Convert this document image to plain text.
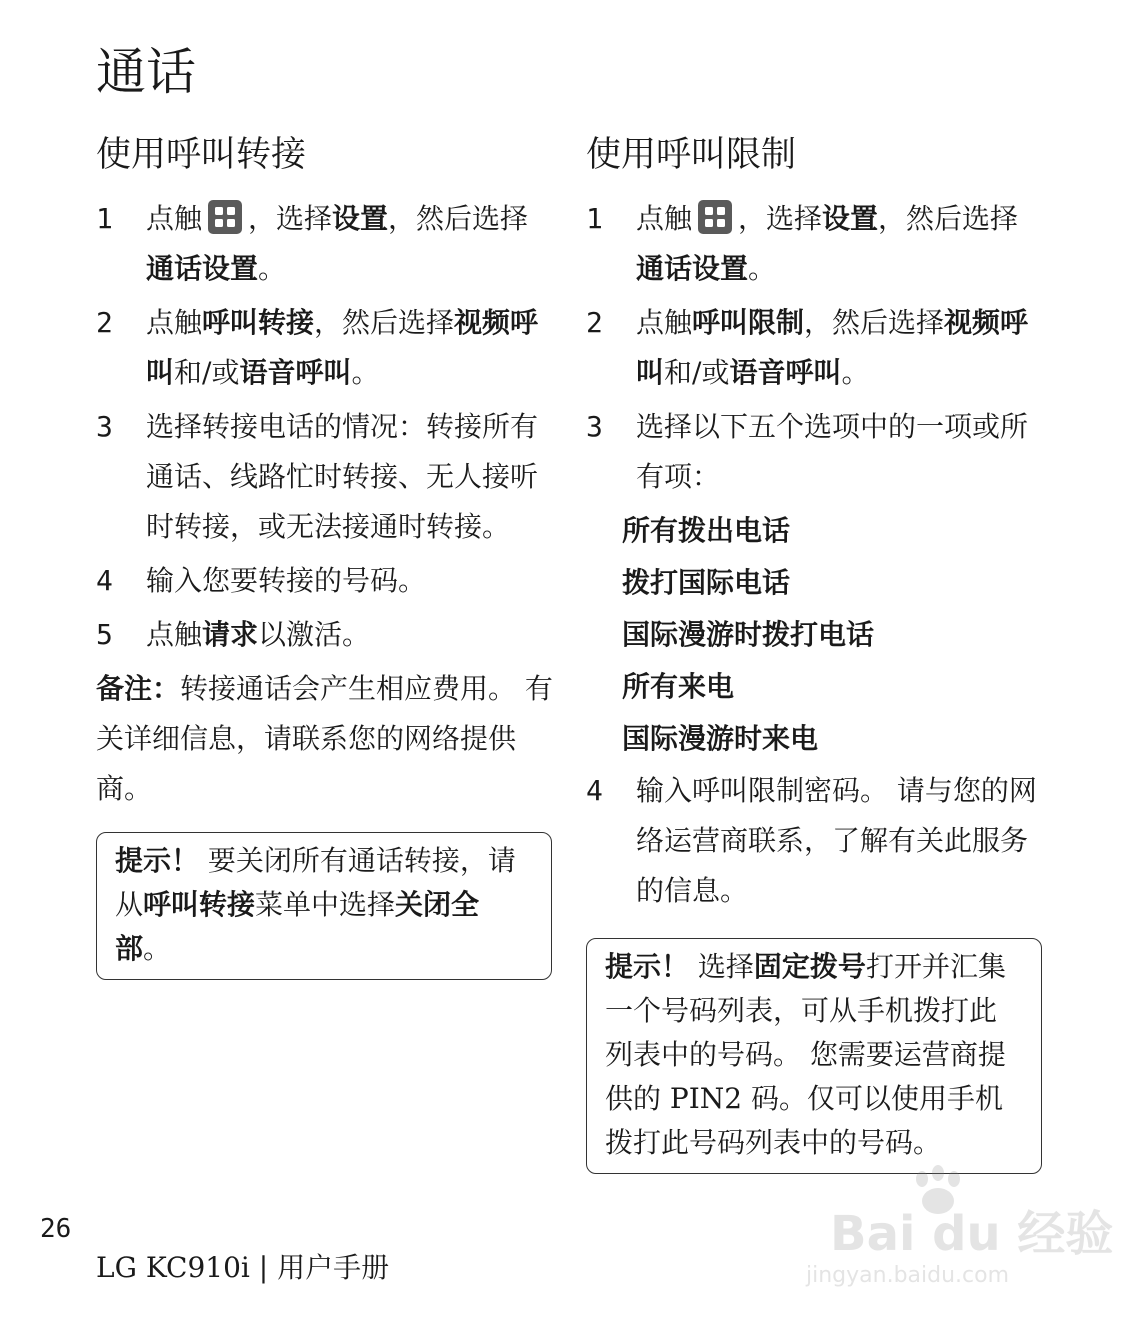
通话
使用呼叫转接
1 点触 ，选择设置，然后选择通话设置。
2 点触呼叫转接，然后选择视频呼叫和/或语音呼叫。
3 选择转接电话的情况：转接所有通话、线路忙时转接、无人接听时转接，或无法接通时转接。
4 输入您要转接的号码。
5 点触请求以激活。

备注：转接通话会产生相应费用。 有关详细信息，请联系您的网络提供商。

提示！ 要关闭所有通话转接，请从呼叫转接菜单中选择关闭全部。
使用呼叫限制
1 点触 ，选择设置，然后选择通话设置。
2 点触呼叫限制，然后选择视频呼叫和/或语音呼叫。
3 选择以下五个选项中的一项或所有项：
所有拨出电话
拨打国际电话
国际漫游时拨打电话
所有来电
国际漫游时来电
4 输入呼叫限制密码。 请与您的网络运营商联系，了解有关此服务的信息。
提示！ 选择固定拨号打开并汇集一个号码列表，可从手机拨打此列表中的号码。 您需要运营商提供的 PIN2 码。仅可以使用手机拨打此号码列表中的号码。
26
LG KC910i | 用户手册
Bai du 经验
jingyan.baidu.com
